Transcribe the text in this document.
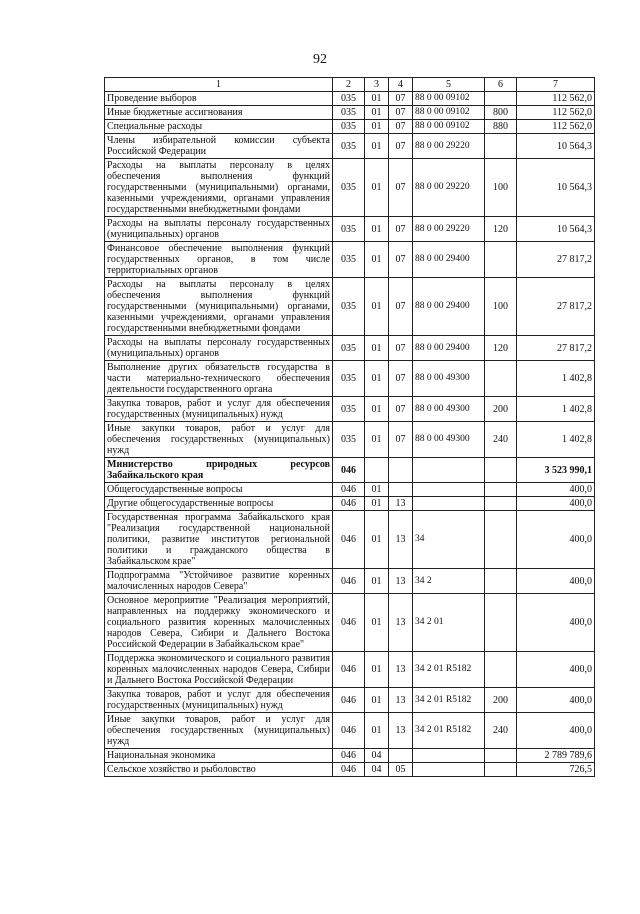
92
1	2	3	4	5	6	7
Проведение выборов	035	01	07	88 0 00 09102		112 562,0
Иные бюджетные ассигнования	035	01	07	88 0 00 09102	800	112 562,0
Специальные расходы	035	01	07	88 0 00 09102	880	112 562,0
Члены избирательной комиссии субъекта Российской Федерации	035	01	07	88 0 00 29220		10 564,3
Расходы на выплаты персоналу в целях обеспечения выполнения функций государственными (муниципальными) органами, казенными учреждениями, органами управления государственными внебюджетными фондами	035	01	07	88 0 00 29220	100	10 564,3
Расходы на выплаты персоналу государственных (муниципальных) органов	035	01	07	88 0 00 29220	120	10 564,3
Финансовое обеспечение выполнения функций государственных органов, в том числе территориальных органов	035	01	07	88 0 00 29400		27 817,2
Расходы на выплаты персоналу в целях обеспечения выполнения функций государственными (муниципальными) органами, казенными учреждениями, органами управления государственными внебюджетными фондами	035	01	07	88 0 00 29400	100	27 817,2
Расходы на выплаты персоналу государственных (муниципальных) органов	035	01	07	88 0 00 29400	120	27 817,2
Выполнение других обязательств государства в части материально-технического обеспечения деятельности государственного органа	035	01	07	88 0 00 49300		1 402,8
Закупка товаров, работ и услуг для обеспечения государственных (муниципальных) нужд	035	01	07	88 0 00 49300	200	1 402,8
Иные закупки товаров, работ и услуг для обеспечения государственных (муниципальных) нужд	035	01	07	88 0 00 49300	240	1 402,8
Министерство природных ресурсов Забайкальского края	046					3 523 990,1
Общегосударственные вопросы	046	01				400,0
Другие общегосударственные вопросы	046	01	13			400,0
Государственная программа Забайкальского края "Реализация государственной национальной политики, развитие институтов региональной политики и гражданского общества в Забайкальском крае"	046	01	13	34		400,0
Подпрограмма "Устойчивое развитие коренных малочисленных народов Севера"	046	01	13	34 2		400,0
Основное мероприятие "Реализация мероприятий, направленных на поддержку экономического и социального развития коренных малочисленных народов Севера, Сибири и Дальнего Востока Российской Федерации в Забайкальском крае"	046	01	13	34 2 01		400,0
Поддержка экономического и социального развития коренных малочисленных народов Севера, Сибири и Дальнего Востока Российской Федерации	046	01	13	34 2 01 R5182		400,0
Закупка товаров, работ и услуг для обеспечения государственных (муниципальных) нужд	046	01	13	34 2 01 R5182	200	400,0
Иные закупки товаров, работ и услуг для обеспечения государственных (муниципальных) нужд	046	01	13	34 2 01 R5182	240	400,0
Национальная экономика	046	04				2 789 789,6
Сельское хозяйство и рыболовство	046	04	05			726,5
